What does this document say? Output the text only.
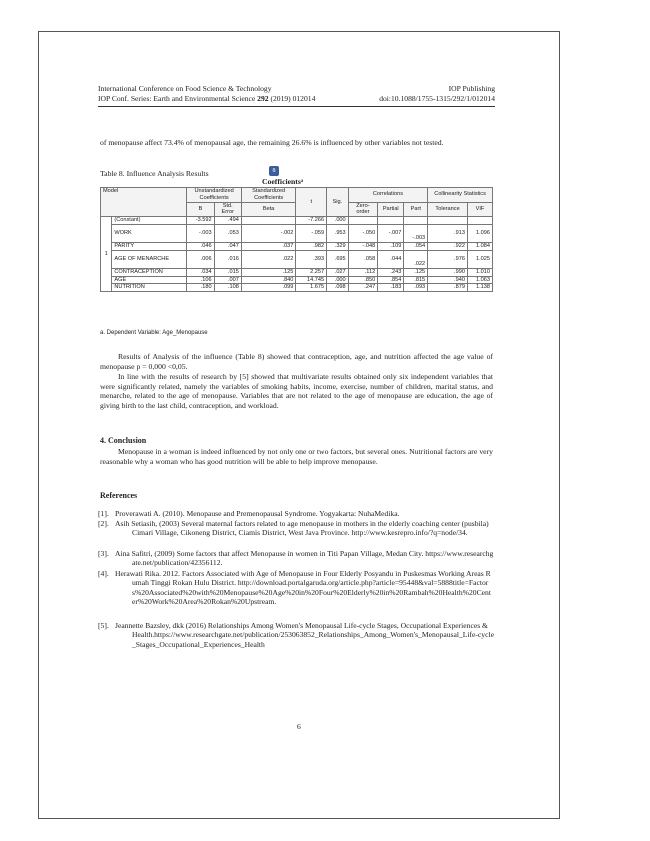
International Conference on Food Science & Technology	IOP Publishing
IOP Conf. Series: Earth and Environmental Science 292 (2019) 012014	doi:10.1088/1755-1315/292/1/012014
of menopause affect 73.4% of menopausal age, the remaining 26.6% is influenced by other variables not tested.
Table 8. Influence Analysis Results	8
Coefficientsᵃ
Model		Unstandardized Coefficients		Standardized Coefficients	t	Sig.	Correlations			Collinearity Statistics	
		B	Std. Error	Beta			Zero-order	Partial	Part	Tolerance	VIF
1	(Constant)	-3.592	.494		-7.266	.000					
	WORK	-.003	.053	-.002	-.059	.953	-.050	-.007	-.003	.913	1.096
	PARITY	.046	.047	.037	.982	.329	-.048	.109	.054	.922	1.084
	AGE OF MENARCHE	.006	.016	.022	.393	.695	.058	.044	.022	.976	1.025
	CONTRACEPTION	.034	.015	.125	2.257	.027	.112	.243	.125	.990	1.010
	AGE	.106	.007	.840	14.745	.000	.850	.854	.815	.940	1.063
	NUTRITION	.180	.108	.099	1.675	.098	.247	.183	.093	.879	1.138
a. Dependent Variable: Age_Menopause
Results of Analysis of the influence (Table 8) showed that contraception, age, and nutrition affected the age value of menopause p = 0,000 <0,05.
In line with the results of research by [5] showed that multivariate results obtained only six independent variables that were significantly related, namely the variables of smoking habits, income, exercise, number of children, marital status, and menarche, related to the age of menopause. Variables that are not related to the age of menopause are education, the age of giving birth to the last child, contraception, and workload.
4. Conclusion
Menopause in a woman is indeed influenced by not only one or two factors, but several ones. Nutritional factors are very reasonable why a woman who has good nutrition will be able to help improve menopause.
References
[1]. Proverawati A. (2010). Menopause and Premenopausal Syndrome. Yogyakarta: NuhaMedika.
[2]. Asih Setiasih, (2003) Several maternal factors related to age menopause in mothers in the elderly coaching center (pusbila) Cimari Village, Cikoneng District, Ciamis District, West Java Province. http://www.kesrepro.info/?q=node/34.
[3]. Aina Safitri, (2009) Some factors that affect Menopause in women in Titi Papan Village, Medan City. https://www.researchgate.net/publication/42356112.
[4]. Herawati Rika. 2012. Factors Associated with Age of Menopause in Four Elderly Posyandu in Puskesmas Working Areas Rumah Tinggi Rokan Hulu District. http://download.portalgaruda.org/article.php?article=95448&val=5888title=Factors%20Associated%20with%20Menopause%20Age%20in%20Four%20Elderly%20in%20Rambah%20Health%20Center%20Work%20Area%20Rokan%20Upstream.
[5]. Jeannette Bazsley, dkk (2016) Relationships Among Women's Menopausal Life-cycle Stages, Occupational Experiences & Health.https://www.researchgate.net/publication/253063852_Relationships_Among_Women's_Menopausal_Life-cycle_Stages_Occupational_Experiences_Health
6
